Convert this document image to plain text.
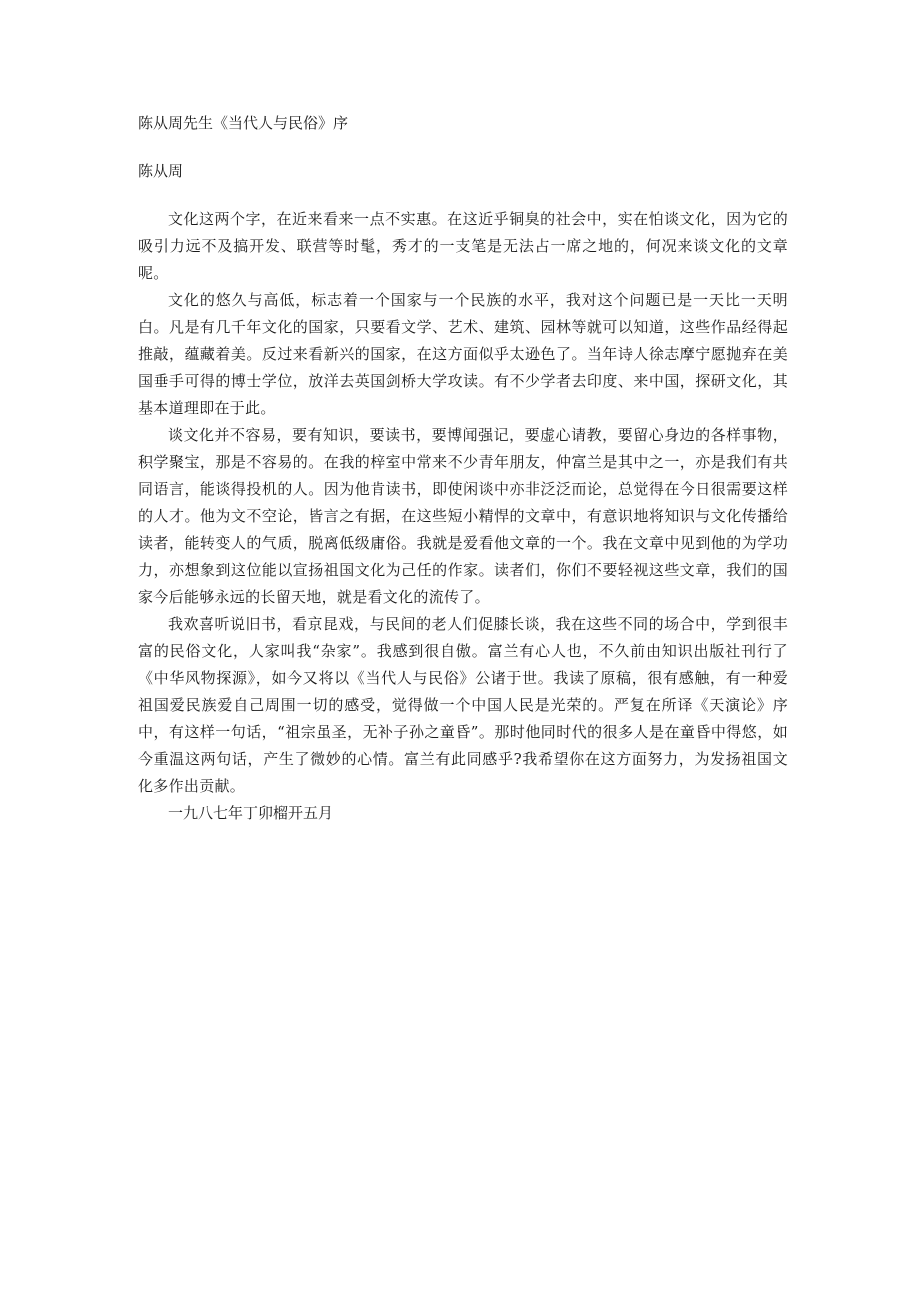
陈从周先生《当代人与民俗》序

陈从周

文化这两个字，在近来看来一点不实惠。在这近乎铜臭的社会中，实在怕谈文化，因为它的吸引力远不及搞开发、联营等时髦，秀才的一支笔是无法占一席之地的，何况来谈文化的文章呢。

文化的悠久与高低，标志着一个国家与一个民族的水平，我对这个问题已是一天比一天明白。凡是有几千年文化的国家，只要看文学、艺术、建筑、园林等就可以知道，这些作品经得起推敲，蕴藏着美。反过来看新兴的国家，在这方面似乎太逊色了。当年诗人徐志摩宁愿抛弃在美国垂手可得的博士学位，放洋去英国剑桥大学攻读。有不少学者去印度、来中国，探研文化，其基本道理即在于此。

谈文化并不容易，要有知识，要读书，要博闻强记，要虚心请教，要留心身边的各样事物，积学聚宝，那是不容易的。在我的梓室中常来不少青年朋友，仲富兰是其中之一，亦是我们有共同语言，能谈得投机的人。因为他肯读书，即使闲谈中亦非泛泛而论，总觉得在今日很需要这样的人才。他为文不空论，皆言之有据，在这些短小精悍的文章中，有意识地将知识与文化传播给读者，能转变人的气质，脱离低级庸俗。我就是爱看他文章的一个。我在文章中见到他的为学功力，亦想象到这位能以宣扬祖国文化为己任的作家。读者们，你们不要轻视这些文章，我们的国家今后能够永远的长留天地，就是看文化的流传了。

我欢喜听说旧书，看京昆戏，与民间的老人们促膝长谈，我在这些不同的场合中，学到很丰富的民俗文化，人家叫我“杂家”。我感到很自傲。富兰有心人也，不久前由知识出版社刊行了《中华风物探源》，如今又将以《当代人与民俗》公诸于世。我读了原稿，很有感触，有一种爱祖国爱民族爱自己周围一切的感受，觉得做一个中国人民是光荣的。严复在所译《天演论》序中，有这样一句话，“祖宗虽圣，无补子孙之童昏”。那时他同时代的很多人是在童昏中得悠，如今重温这两句话，产生了微妙的心情。富兰有此同感乎?我希望你在这方面努力，为发扬祖国文化多作出贡献。

一九八七年丁卯榴开五月
